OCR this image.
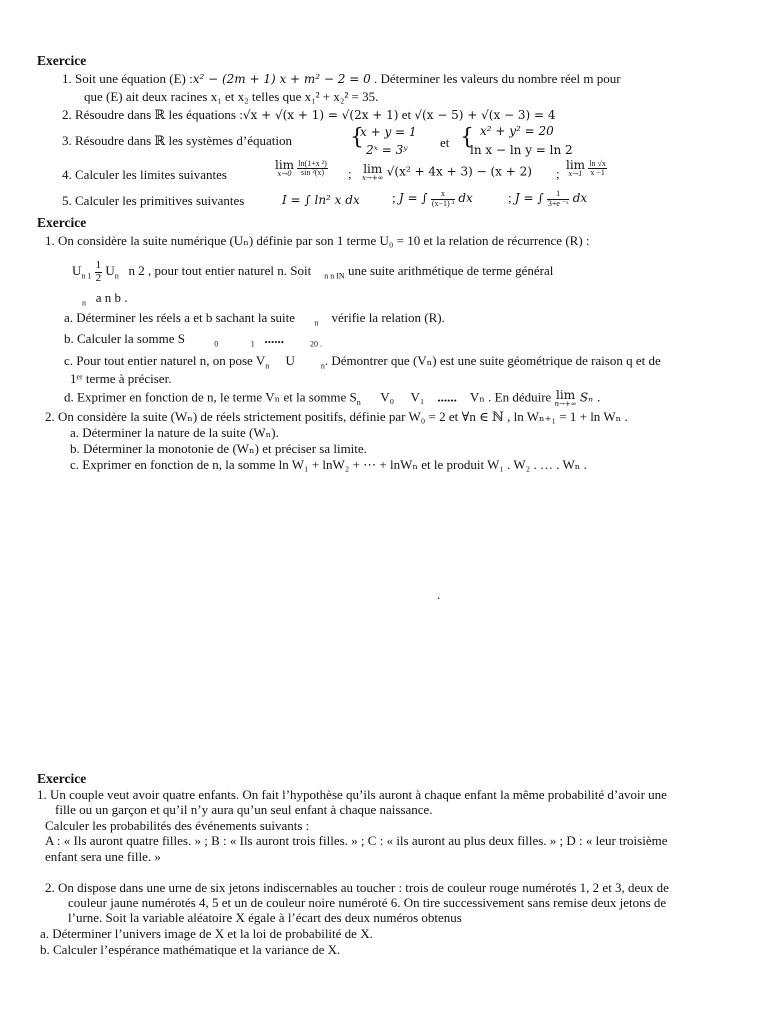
Exercice
1. Soit une équation (E) :x² − (2m + 1) x + m² − 2 = 0 . Déterminer les valeurs du nombre réel m pour
que (E) ait deux racines x₁ et x₂ telles que x₁² + x₂² = 35.
2. Résoudre dans ℝ les équations :√x + √(x + 1) = √(2x + 1) et √(x − 5) + √(x − 3) = 4
3. Résoudre dans ℝ les systèmes d’équation	{
x + y = 1
2ˣ = 3ʸ	et { x² + y² = 20
ln x − ln y = ln 2
4. Calculer les limites suivantes
lim
x→0
$\frac{\text{ln(1+x ²)}}{\text{sin ²(x)}}$ ; lim
x→+∞ √(x² + 4x + 3) − (x + 2) ;
lim
x→1
$\frac{\ln √x}{x -1}$
5. Calculer les primitives suivantes	I = ∫ ln² x dx ; J = ∫ $\frac{x}{\text{(x−1) ³}}$ dx	; J = ∫ $\frac{1}{\text{3+e ⁻ˣ}}$ dx
Exercice
1. On considère la suite numérique (Uₙ) définie par son 1 terme U₀ = 10 et la relation de récurrence (R) :
$U_{n 1} \frac{1}{2} U_n$ n 2 , pour tout entier naturel n. Soit $_{n n IN}$ une suite arithmétique de terme général
$_n$ a n b .
a. Déterminer les réels a et b sachant la suite $_n$ vérifie la relation (R).
b. Calculer la somme S	$_0$	$_1$ ......	$_{20 .}$
c. Pour tout entier naturel n, on pose $V_n$ U	$_n$. Démontrer que (Vₙ) est une suite géométrique de raison q et de
1ᵉʳ terme à préciser.
d. Exprimer en fonction de n, le terme Vₙ et la somme $S_n$ V₀ V₁ ...... Vₙ . En déduire lim
n→+∞ Sₙ .
2. On considère la suite (Wₙ) de réels strictement positifs, définie par W₀ = 2 et ∀n ∈ ℕ , ln Wₙ₊₁ = 1 + ln Wₙ .
a. Déterminer la nature de la suite (Wₙ).
b. Déterminer la monotonie de (Wₙ) et préciser sa limite.
c. Exprimer en fonction de n, la somme ln W₁ + lnW₂ + ⋯ + lnWₙ et le produit W₁ . W₂ . … . Wₙ .
.
Exercice
1. Un couple veut avoir quatre enfants. On fait l’hypothèse qu’ils auront à chaque enfant la même probabilité d’avoir une
fille ou un garçon et qu’il n’y aura qu’un seul enfant à chaque naissance.
Calculer les probabilités des événements suivants :
A : « Ils auront quatre filles. » ; B : « Ils auront trois filles. » ; C : « ils auront au plus deux filles. » ; D : « leur troisième
enfant sera une fille. »
2. On dispose dans une urne de six jetons indiscernables au toucher : trois de couleur rouge numérotés 1, 2 et 3, deux de
couleur jaune numérotés 4, 5 et un de couleur noire numéroté 6. On tire successivement sans remise deux jetons de
l’urne. Soit la variable aléatoire X égale à l’écart des deux numéros obtenus
a. Déterminer l’univers image de X et la loi de probabilité de X.
b. Calculer l’espérance mathématique et la variance de X.
